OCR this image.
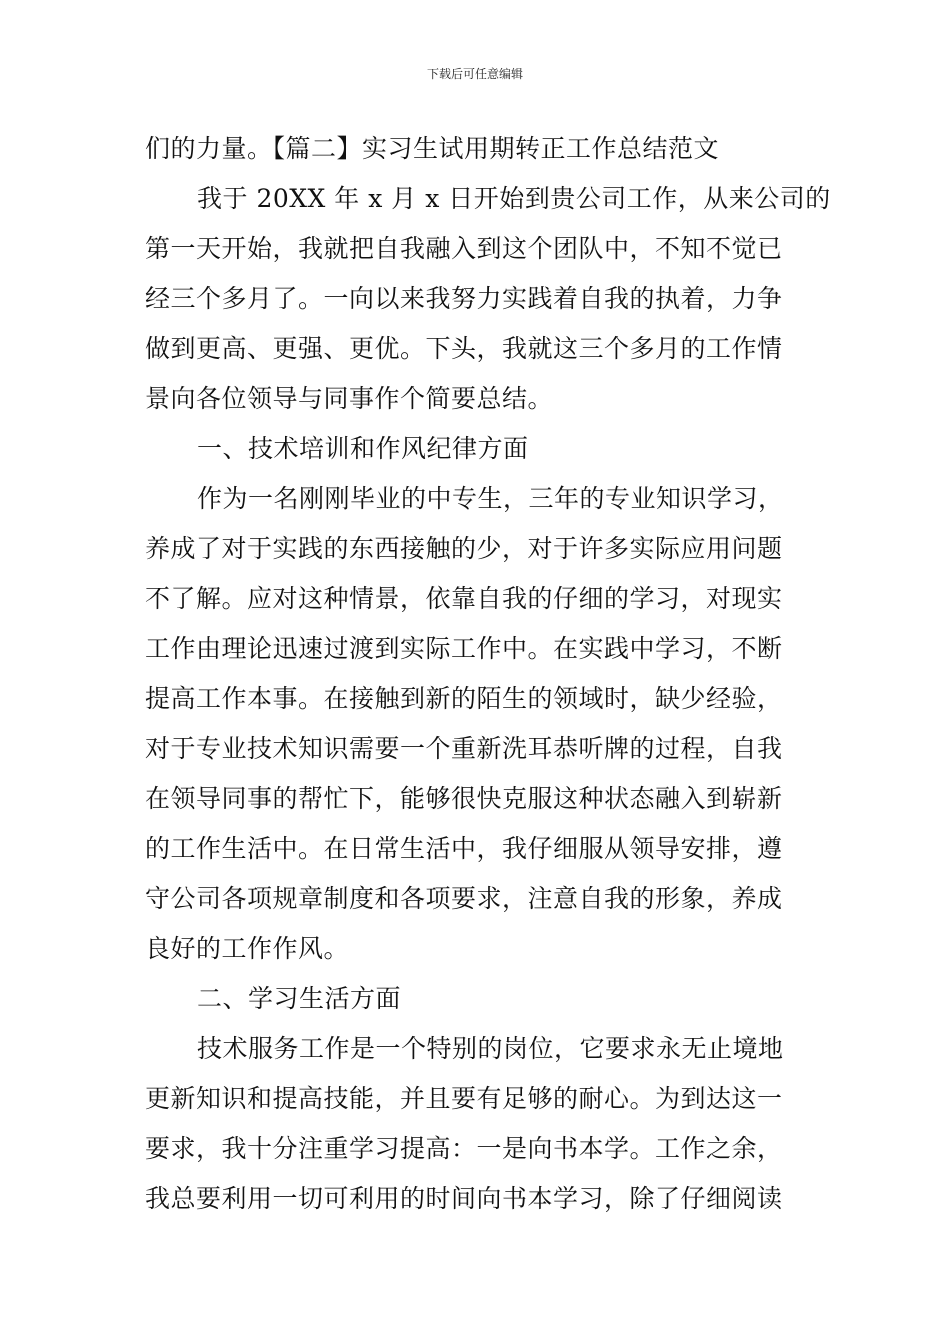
下载后可任意编辑
们的力量。【篇二】实习生试用期转正工作总结范文
我于 20XX 年 x 月 x 日开始到贵公司工作，从来公司的
第一天开始，我就把自我融入到这个团队中，不知不觉已
经三个多月了。一向以来我努力实践着自我的执着，力争
做到更高、更强、更优。下头，我就这三个多月的工作情
景向各位领导与同事作个简要总结。
一、技术培训和作风纪律方面
作为一名刚刚毕业的中专生，三年的专业知识学习，
养成了对于实践的东西接触的少，对于许多实际应用问题
不了解。应对这种情景，依靠自我的仔细的学习，对现实
工作由理论迅速过渡到实际工作中。在实践中学习，不断
提高工作本事。在接触到新的陌生的领域时，缺少经验，
对于专业技术知识需要一个重新洗耳恭听牌的过程，自我
在领导同事的帮忙下，能够很快克服这种状态融入到崭新
的工作生活中。在日常生活中，我仔细服从领导安排，遵
守公司各项规章制度和各项要求，注意自我的形象，养成
良好的工作作风。
二、学习生活方面
技术服务工作是一个特别的岗位，它要求永无止境地
更新知识和提高技能，并且要有足够的耐心。为到达这一
要求，我十分注重学习提高：一是向书本学。工作之余，
我总要利用一切可利用的时间向书本学习，除了仔细阅读
